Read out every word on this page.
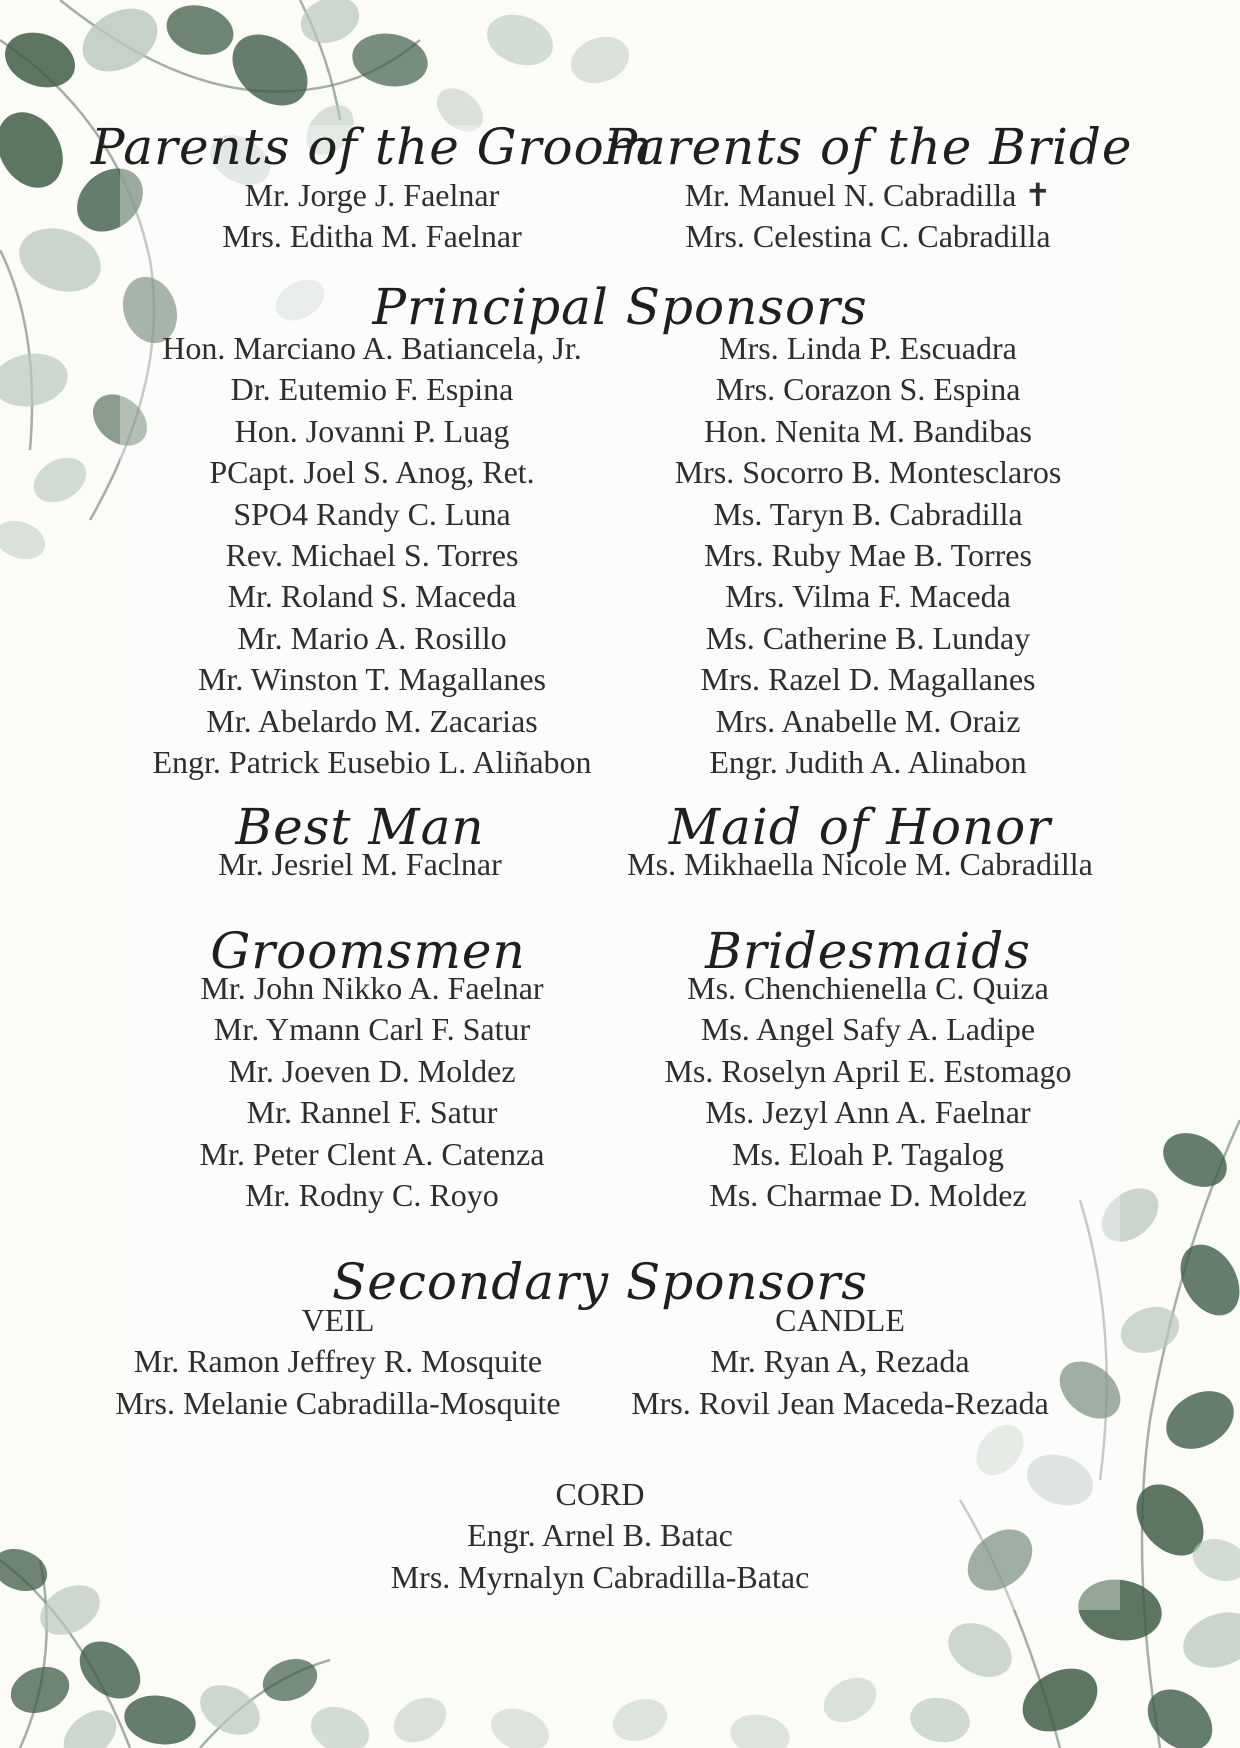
Parents of the Groom
Mr. Jorge J. Faelnar
Mrs. Editha M. Faelnar
Parents of the Bride
Mr. Manuel N. Cabradilla ✝
Mrs. Celestina C. Cabradilla
Principal Sponsors
Hon. Marciano A. Batiancela, Jr.
Dr. Eutemio F. Espina
Hon. Jovanni P. Luag
PCapt. Joel S. Anog, Ret.
SPO4 Randy C. Luna
Rev. Michael S. Torres
Mr. Roland S. Maceda
Mr. Mario A. Rosillo
Mr. Winston T. Magallanes
Mr. Abelardo M. Zacarias
Engr. Patrick Eusebio L. Aliñabon
Mrs. Linda P. Escuadra
Mrs. Corazon S. Espina
Hon. Nenita M. Bandibas
Mrs. Socorro B. Montesclaros
Ms. Taryn B. Cabradilla
Mrs. Ruby Mae B. Torres
Mrs. Vilma F. Maceda
Ms. Catherine B. Lunday
Mrs. Razel D. Magallanes
Mrs. Anabelle M. Oraiz
Engr. Judith A. Alinabon
Best Man
Mr. Jesriel M. Faclnar
Maid of Honor
Ms. Mikhaella Nicole M. Cabradilla
Groomsmen
Mr. John Nikko A. Faelnar
Mr. Ymann Carl F. Satur
Mr. Joeven D. Moldez
Mr. Rannel F. Satur
Mr. Peter Clent A. Catenza
Mr. Rodny C. Royo
Bridesmaids
Ms. Chenchienella C. Quiza
Ms. Angel Safy A. Ladipe
Ms. Roselyn April E. Estomago
Ms. Jezyl Ann A. Faelnar
Ms. Eloah P. Tagalog
Ms. Charmae D. Moldez
Secondary Sponsors
VEIL
Mr. Ramon Jeffrey R. Mosquite
Mrs. Melanie Cabradilla-Mosquite
CANDLE
Mr. Ryan A, Rezada
Mrs. Rovil Jean Maceda-Rezada
CORD
Engr. Arnel B. Batac
Mrs. Myrnalyn Cabradilla-Batac
